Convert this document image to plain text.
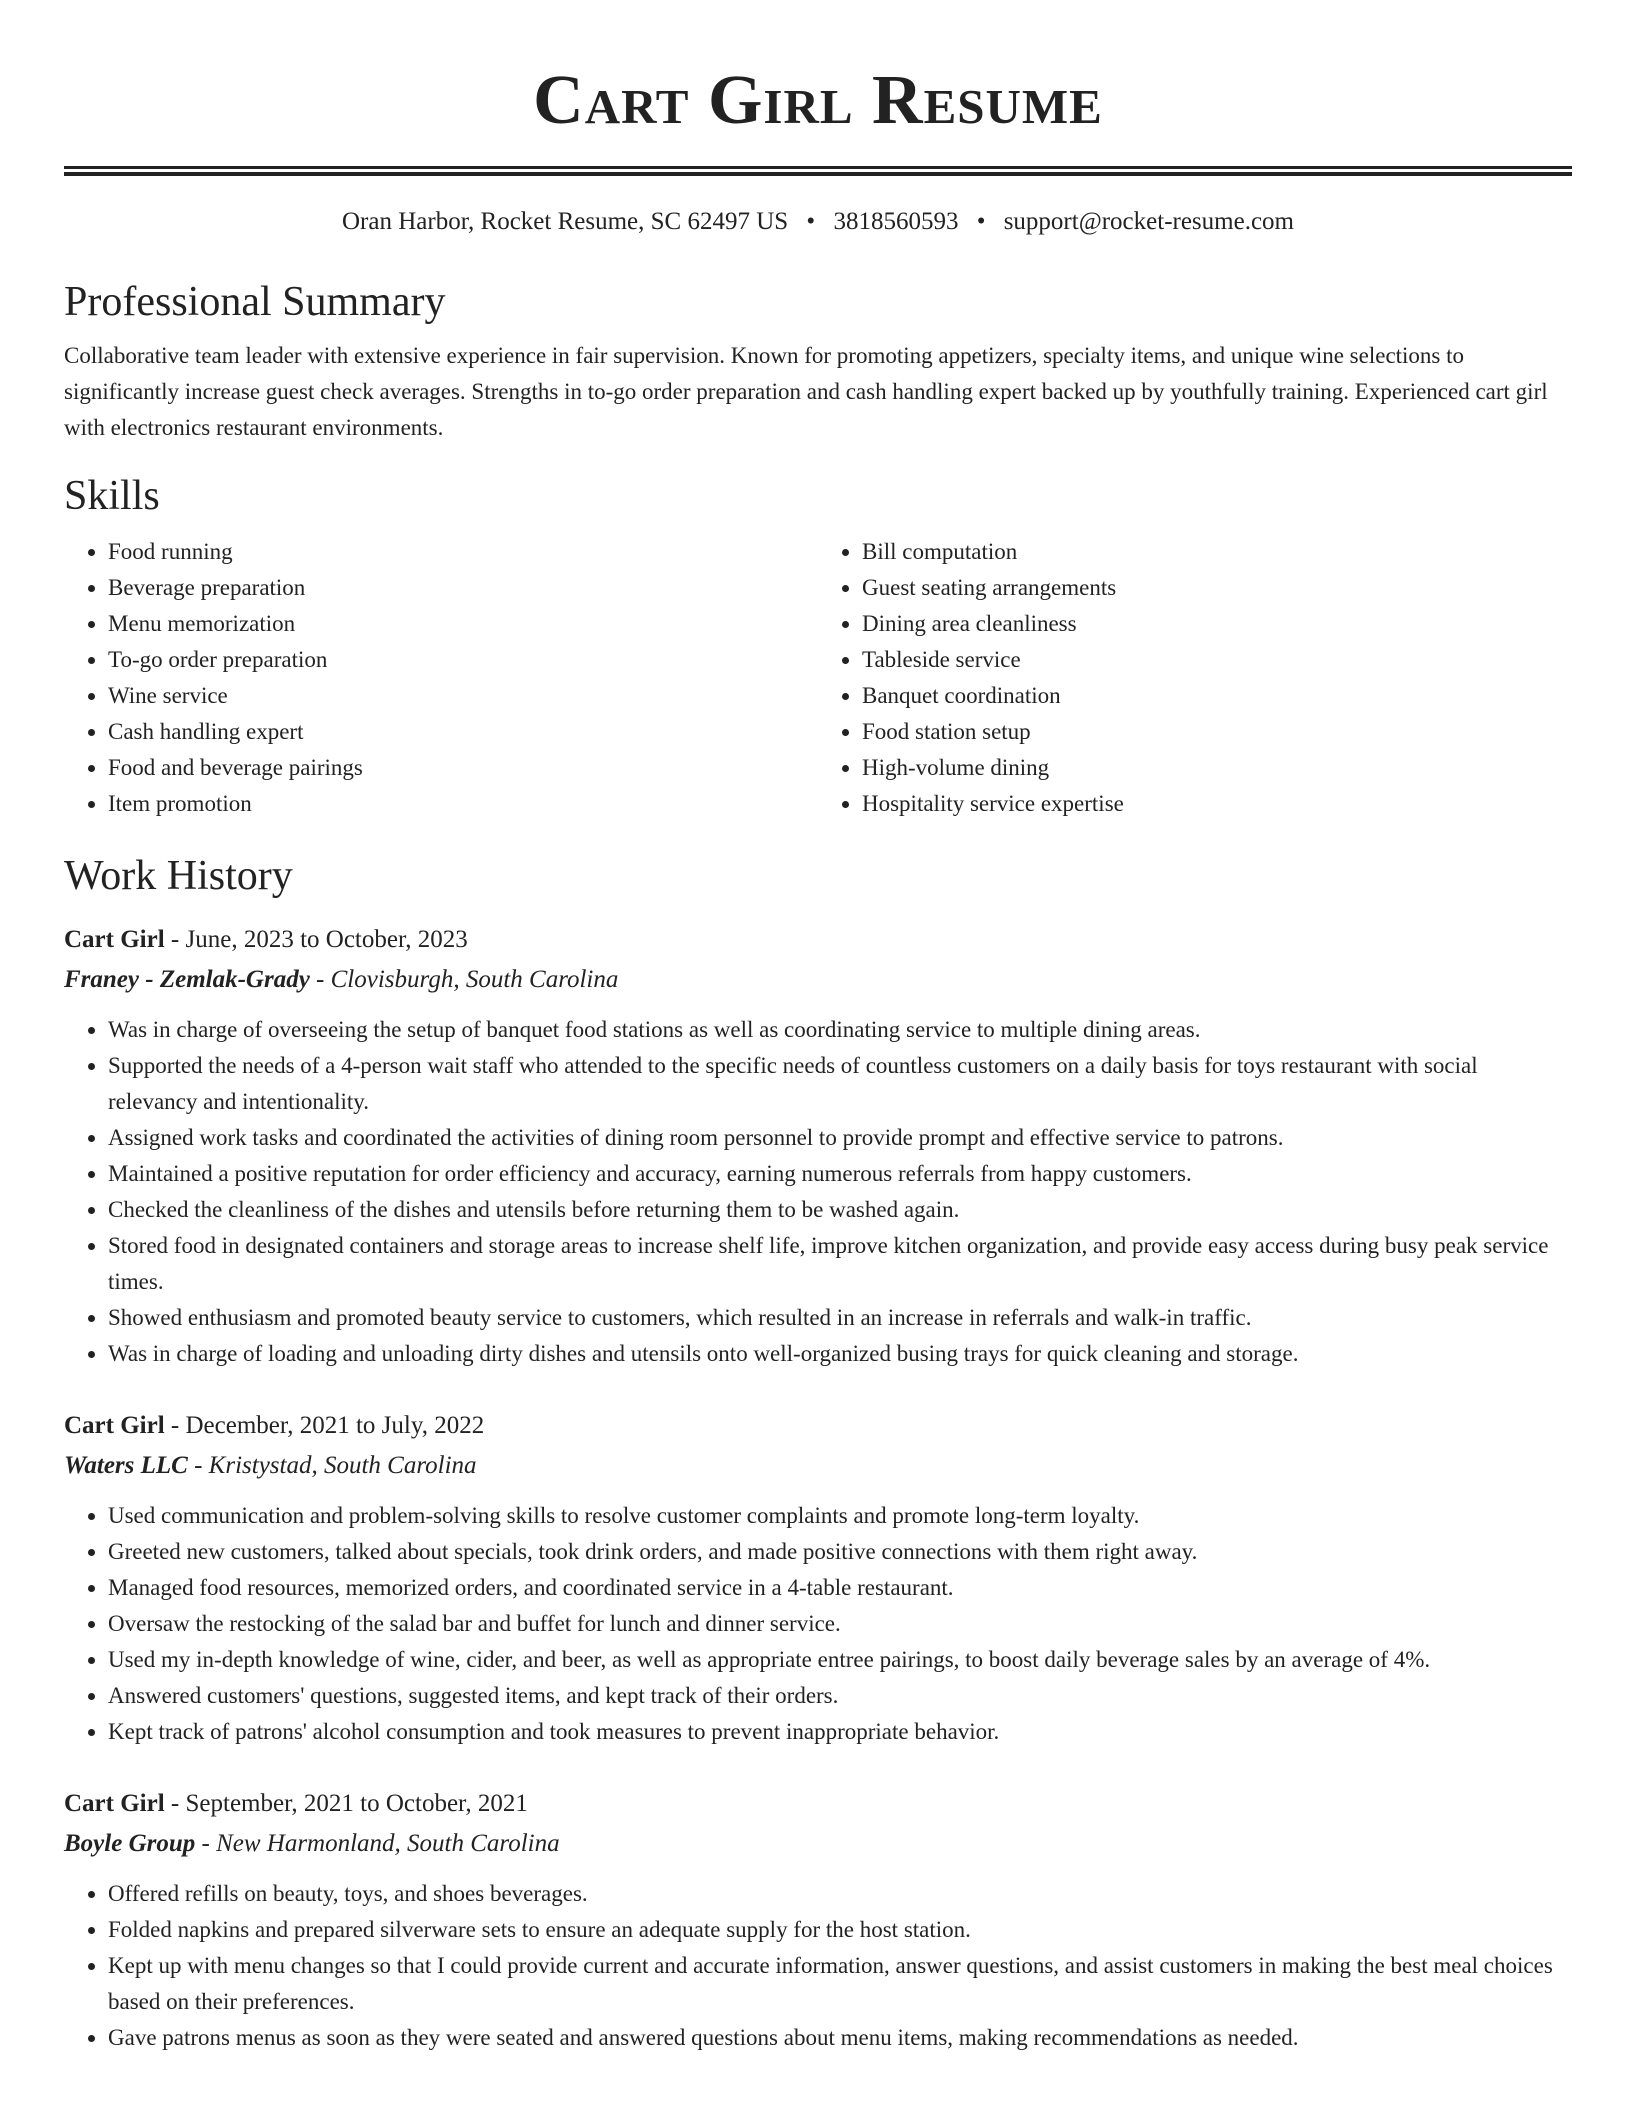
Cart Girl Resume
Oran Harbor, Rocket Resume, SC 62497 US • 3818560593 • support@rocket-resume.com
Professional Summary

Collaborative team leader with extensive experience in fair supervision. Known for promoting appetizers, specialty items, and unique wine selections to significantly increase guest check averages. Strengths in to-go order preparation and cash handling expert backed up by youthfully training. Experienced cart girl with electronics restaurant environments.

Skills
• Food running
• Beverage preparation
• Menu memorization
• To-go order preparation
• Wine service
• Cash handling expert
• Food and beverage pairings
• Item promotion
• Bill computation
• Guest seating arrangements
• Dining area cleanliness
• Tableside service
• Banquet coordination
• Food station setup
• High-volume dining
• Hospitality service expertise
Work History
Cart Girl - June, 2023 to October, 2023
Franey - Zemlak-Grady - Clovisburgh, South Carolina
• Was in charge of overseeing the setup of banquet food stations as well as coordinating service to multiple dining areas.
• Supported the needs of a 4-person wait staff who attended to the specific needs of countless customers on a daily basis for toys restaurant with social relevancy and intentionality.
• Assigned work tasks and coordinated the activities of dining room personnel to provide prompt and effective service to patrons.
• Maintained a positive reputation for order efficiency and accuracy, earning numerous referrals from happy customers.
• Checked the cleanliness of the dishes and utensils before returning them to be washed again.
• Stored food in designated containers and storage areas to increase shelf life, improve kitchen organization, and provide easy access during busy peak service times.
• Showed enthusiasm and promoted beauty service to customers, which resulted in an increase in referrals and walk-in traffic.
• Was in charge of loading and unloading dirty dishes and utensils onto well-organized busing trays for quick cleaning and storage.
Cart Girl - December, 2021 to July, 2022
Waters LLC - Kristystad, South Carolina
• Used communication and problem-solving skills to resolve customer complaints and promote long-term loyalty.
• Greeted new customers, talked about specials, took drink orders, and made positive connections with them right away.
• Managed food resources, memorized orders, and coordinated service in a 4-table restaurant.
• Oversaw the restocking of the salad bar and buffet for lunch and dinner service.
• Used my in-depth knowledge of wine, cider, and beer, as well as appropriate entree pairings, to boost daily beverage sales by an average of 4%.
• Answered customers' questions, suggested items, and kept track of their orders.
• Kept track of patrons' alcohol consumption and took measures to prevent inappropriate behavior.
Cart Girl - September, 2021 to October, 2021
Boyle Group - New Harmonland, South Carolina
• Offered refills on beauty, toys, and shoes beverages.
• Folded napkins and prepared silverware sets to ensure an adequate supply for the host station.
• Kept up with menu changes so that I could provide current and accurate information, answer questions, and assist customers in making the best meal choices based on their preferences.
• Gave patrons menus as soon as they were seated and answered questions about menu items, making recommendations as needed.
